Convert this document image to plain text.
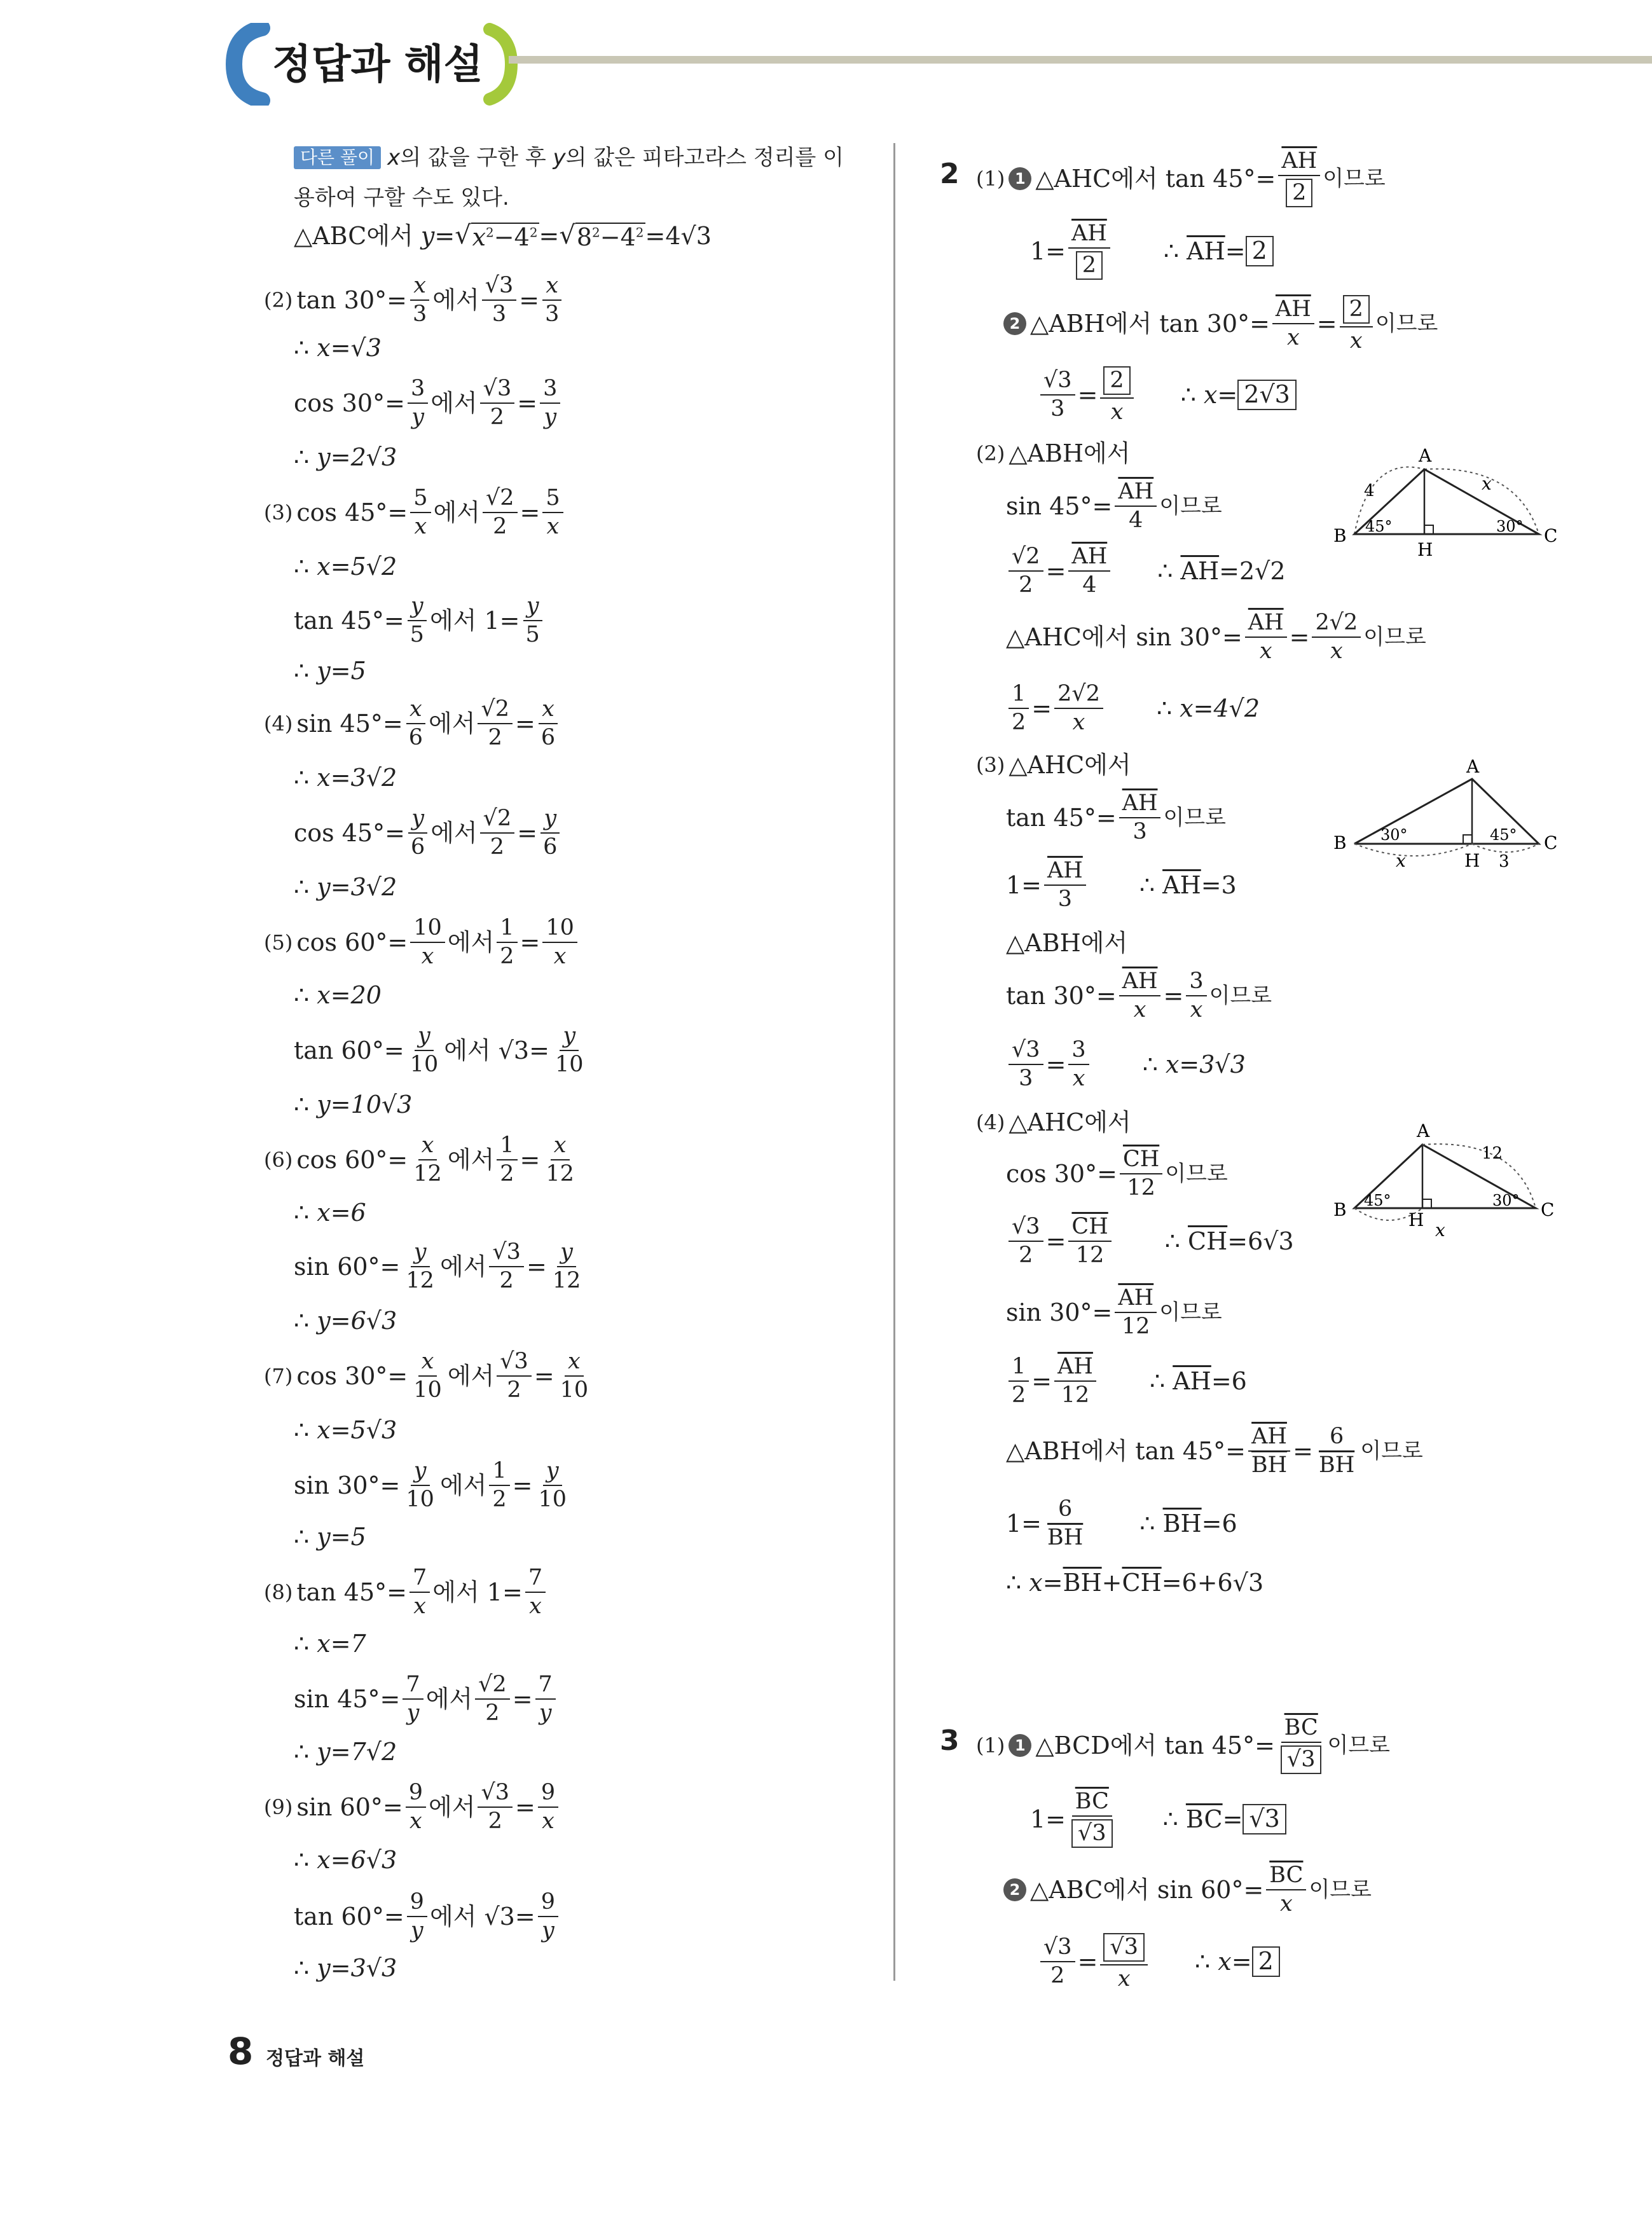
정답과 해설
다른 풀이 x 의 값을 구한 후 y 의 값은 피타고라스 정리를 이
용하여 구할 수도 있다.
△ABC에서 y = √ $x^2-4^2$ = √ $8^2-4^2 =4√3$
(2) $\tan 30^\circ= \frac{x}{3}$ 에서 $\frac{√3}{3} = \frac{x}{3}$
∴
x=√3
$\cos 30^\circ= \frac{3}{y}$ 에서 $\frac{√3}{2} = \frac{3}{y}$
∴
y=2√3
(3) $\cos 45^\circ= \frac{5}{x}$ 에서 $\frac{√2}{2} = \frac{5}{x}$
∴
x=5√2
$\tan 45^\circ= \frac{y}{5}$ 에서 $1= \frac{y}{5}$
∴
y=5
(4) $\sin 45^\circ= \frac{x}{6}$ 에서 $\frac{√2}{2} = \frac{x}{6}$
∴
x=3√2
$\cos 45^\circ= \frac{y}{6}$ 에서 $\frac{√2}{2} = \frac{y}{6}$
∴
y=3√2
(5) $\cos 60^\circ= \frac{10}{x}$ 에서 $\frac{1}{2} = \frac{10}{x}$
∴
x=20
$\tan 60^\circ= \frac{y}{10}$ 에서 $√3= \frac{y}{10}$
∴
y=10√3
(6) $\cos 60^\circ= \frac{x}{12}$ 에서 $\frac{1}{2} = \frac{x}{12}$
∴
x=6
$\sin 60^\circ= \frac{y}{12}$ 에서 $\frac{√3}{2} = \frac{y}{12}$
∴
y=6√3
(7) $\cos 30^\circ= \frac{x}{10}$ 에서 $\frac{√3}{2} = \frac{x}{10}$
∴
x=5√3
$\sin 30^\circ= \frac{y}{10}$ 에서 $\frac{1}{2} = \frac{y}{10}$
∴
y=5
(8) $\tan 45^\circ= \frac{7}{x}$ 에서 $1= \frac{7}{x}$
∴
x=7
$\sin 45^\circ= \frac{7}{y}$ 에서 $\frac{√2}{2} = \frac{7}{y}$
∴
y=7√2
(9) $\sin 60^\circ= \frac{9}{x}$ 에서 $\frac{√3}{2} = \frac{9}{x}$
∴
x=6√3
$\tan 60^\circ= \frac{9}{y}$ 에서 $√3= \frac{9}{y}$
∴
y=3√3
2 (1) 1 △AHC에서
$\tan 45^\circ= \frac{\overline{AH}}{2}$ 이므로
$1= \frac{\overline{AH}}{2}$ ∴
$\overline{AH} = 2$
2 △ABH에서
$\tan 30^\circ= \frac{\overline{AH}}{x} = \frac{2}{x}$ 이므로
$\frac{√3}{3} = \frac{2}{x}$ ∴
x= 2√3
(2) △ABH에서
$\sin 45^\circ= \frac{\overline{AH}}{4}$ 이므로
$\frac{√2}{2} = \frac{\overline{AH}}{4}$ ∴
$\overline{AH} =2√2$
△AHC에서
$\sin 30^\circ= \frac{\overline{AH}}{x} = \frac{2√2}{x}$ 이므로
$\frac{1}{2} = \frac{2√2}{x}$ ∴
x=4√2
(3) △AHC에서
$\tan 45^\circ= \frac{\overline{AH}}{3}$ 이므로
$1= \frac{\overline{AH}}{3}$ ∴
$\overline{AH} =3$
△ABH에서
$\tan 30^\circ= \frac{\overline{AH}}{x} = \frac{3}{x}$ 이므로
$\frac{√3}{3} = \frac{3}{x}$ ∴
x=3√3
(4) △AHC에서
$\cos 30^\circ= \frac{\overline{CH}}{12}$ 이므로
$\frac{√3}{2} = \frac{\overline{CH}}{12}$ ∴
$\overline{CH} =6√3$
$\sin 30^\circ= \frac{\overline{AH}}{12}$ 이므로
$\frac{1}{2} = \frac{\overline{AH}}{12}$ ∴
$\overline{AH} =6$
△ABH에서
$\tan 45^\circ= \frac{\overline{AH}}{BH} = \frac{6}{BH}$ 이므로
$1= \frac{6}{BH}$ ∴
$\overline{BH} =6$
∴
$x= \overline{BH} + \overline{CH} =6+6√3$
3 (1) 1 △BCD에서
$\tan 45^\circ= \frac{\overline{BC}}{√3}$ 이므로
$1= \frac{\overline{BC}}{√3}$ ∴
$\overline{BC} = √3$
2 △ABC에서
$\sin 60^\circ= \frac{\overline{BC}}{x}$ 이므로
$\frac{√3}{2} = \frac{√3}{x}$ ∴
x= 2
A
B	C
H
4	x
45°	30°
A
B	C
H
x	3
30°	45°
A
B	C
H
12
x
45°	30°
8 정답과 해설
